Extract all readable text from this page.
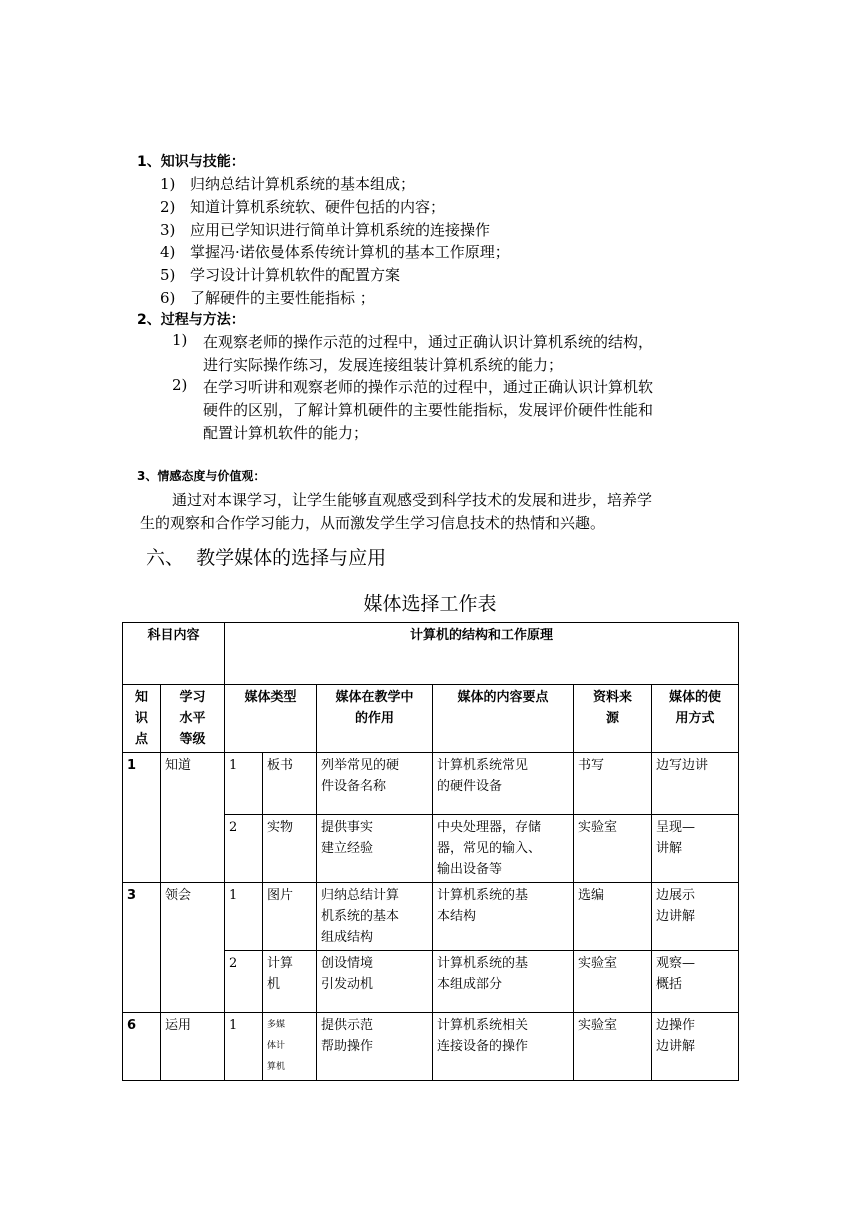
1、知识与技能：
1) 归纳总结计算机系统的基本组成；
2) 知道计算机系统软、硬件包括的内容；
3) 应用已学知识进行简单计算机系统的连接操作
4) 掌握冯·诺依曼体系传统计算机的基本工作原理；
5) 学习设计计算机软件的配置方案
6) 了解硬件的主要性能指标 ；
2、过程与方法：
1) 在观察老师的操作示范的过程中，通过正确认识计算机系统的结构，
进行实际操作练习，发展连接组装计算机系统的能力；
2) 在学习听讲和观察老师的操作示范的过程中，通过正确认识计算机软
硬件的区别，了解计算机硬件的主要性能指标，发展评价硬件性能和
配置计算机软件的能力；
3、情感态度与价值观：
通过对本课学习，让学生能够直观感受到科学技术的发展和进步，培养学
生的观察和合作学习能力，从而激发学生学习信息技术的热情和兴趣。
六、 教学媒体的选择与应用
媒体选择工作表
科目内容		计算机的结构和工作原理					
知
识
点	学习
水平
等级	媒体类型		媒体在教学中
的作用	媒体的内容要点	资料来
源	媒体的使
用方式
1	知道	1	板书	列举常见的硬
件设备名称	计算机系统常见
的硬件设备	书写	边写边讲
		2	实物	提供事实
建立经验	中央处理器，存储
器，常见的输入、
输出设备等	实验室	呈现—
讲解
3	领会	1	图片	归纳总结计算
机系统的基本
组成结构	计算机系统的基
本结构	选编	边展示
边讲解
		2	计算
机	创设情境
引发动机	计算机系统的基
本组成部分	实验室	观察—
概括
6	运用	1	多媒
体计
算机	提供示范
帮助操作	计算机系统相关
连接设备的操作	实验室	边操作
边讲解
